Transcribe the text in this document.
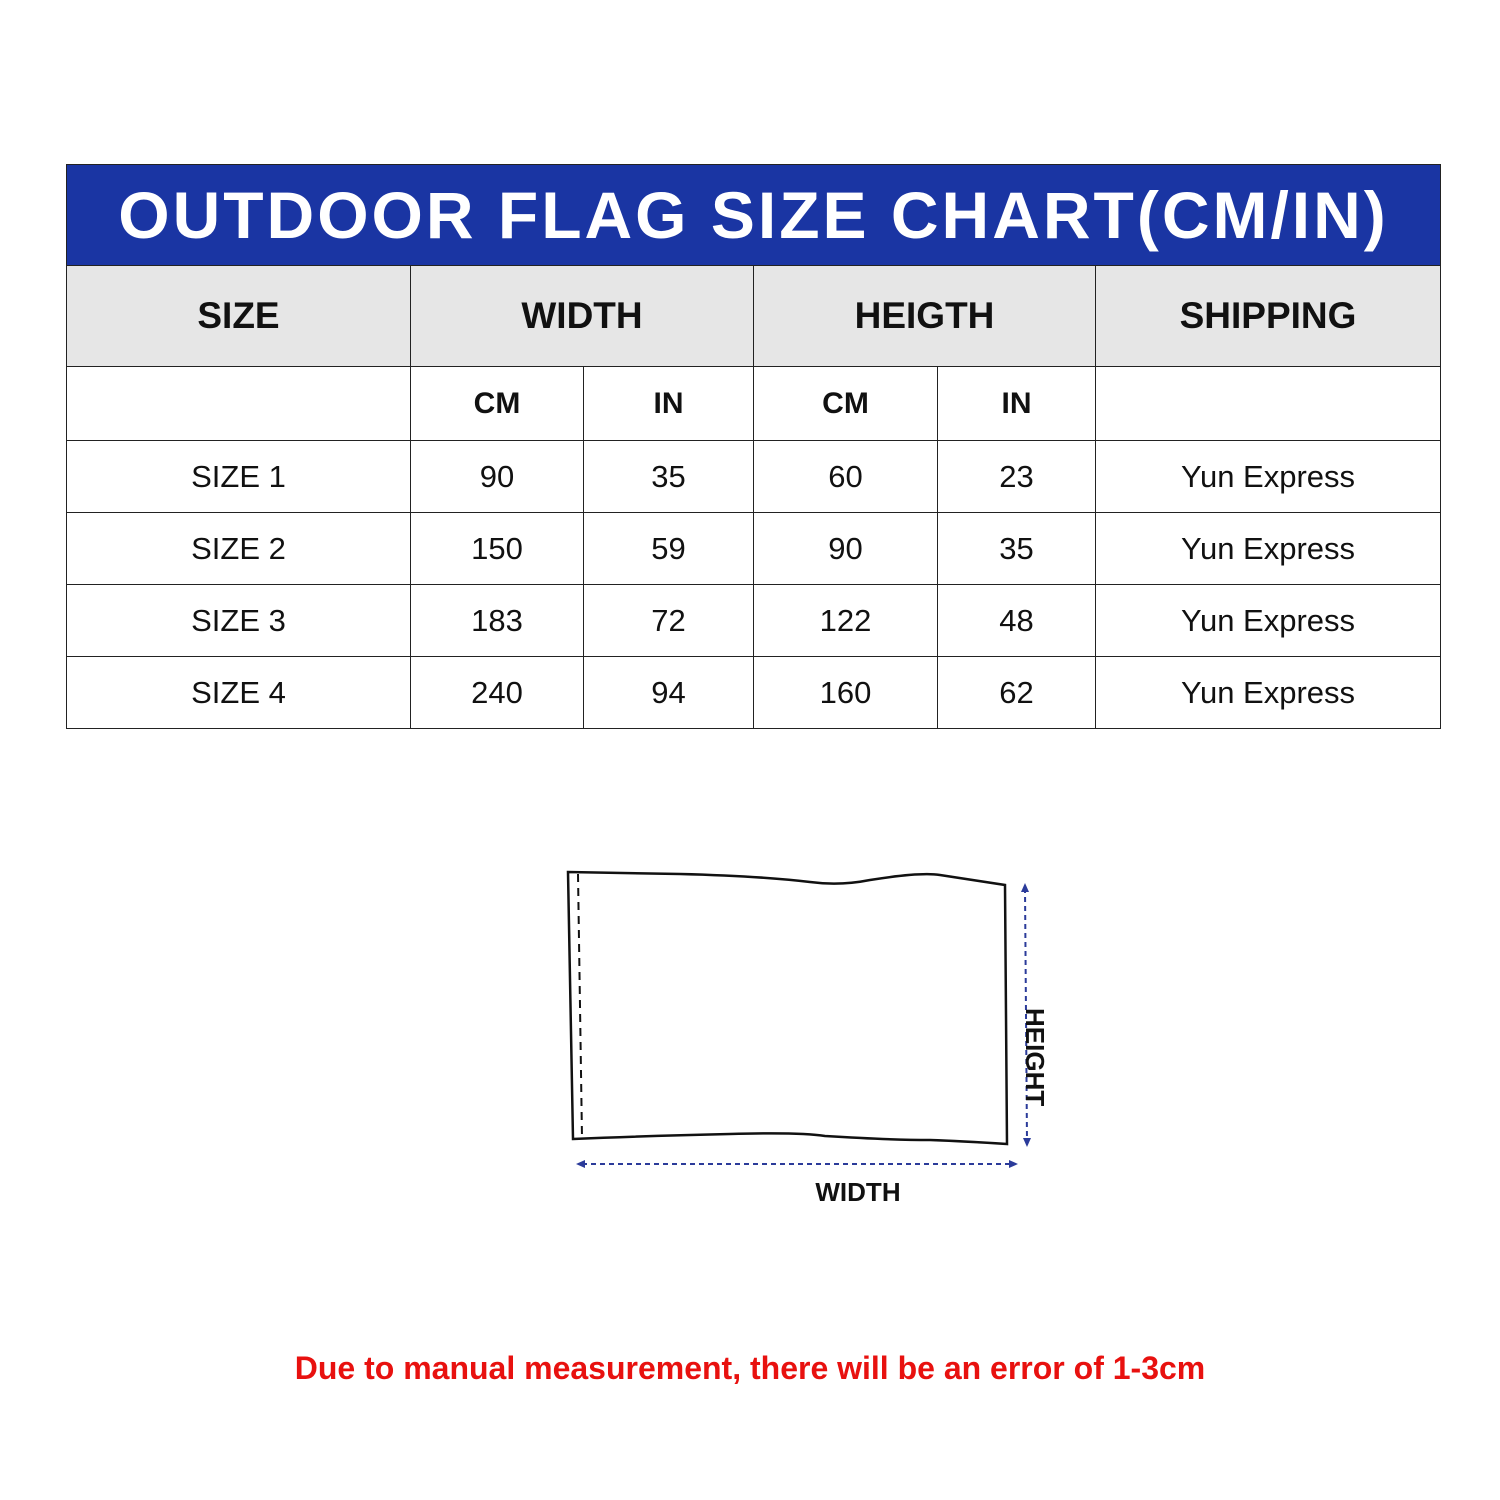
OUTDOOR FLAG SIZE CHART(CM/IN)					
SIZE	WIDTH		HEIGTH		SHIPPING
	CM	IN	CM	IN	
SIZE 1	90	35	60	23	Yun Express
SIZE 2	150	59	90	35	Yun Express
SIZE 3	183	72	122	48	Yun Express
SIZE 4	240	94	160	62	Yun Express
WIDTH
HEIGHT
Due to manual measurement, there will be an error of 1-3cm
